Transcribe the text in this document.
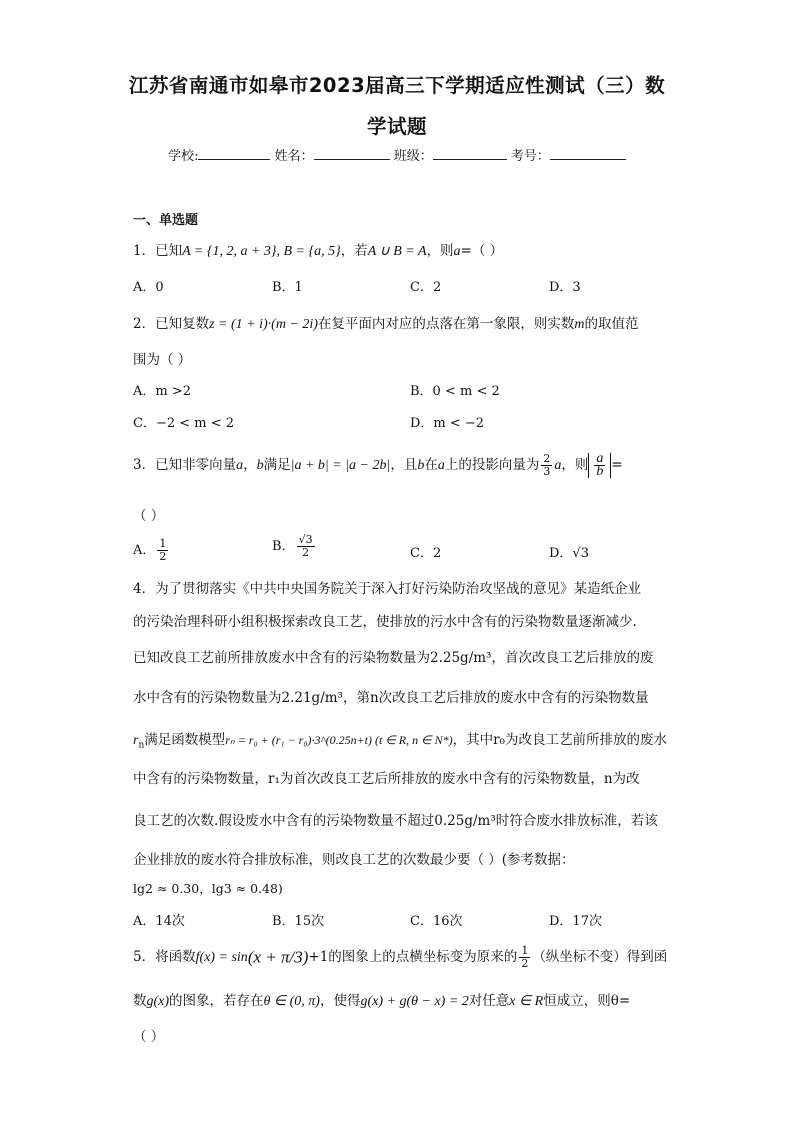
江苏省南通市如皋市2023届高三下学期适应性测试（三）数
学试题
学校:	姓名：	班级：	考号：
一、单选题
1．已知A = {1, 2, a + 3}, B = {a, 5}，若A ∪ B = A，则a=（ ）
A．0	B．1	C．2	D．3
2．已知复数z = (1 + i)·(m − 2i)在复平面内对应的点落在第一象限，则实数m的取值范
围为（ ）
A．m >2	B．0 < m < 2
C．−2 < m < 2	D．m < −2
3．已知非零向量a，b满足|a + b| = |a − 2b|，且b在a上的投影向量为 $\frac{2}{3}$ a，则 $\frac{a}{b}$ =
（ ）
A． $\frac{1}{2}$	B． $\frac{√3}{2}$	C．2	D．√3
4．为了贯彻落实《中共中央国务院关于深入打好污染防治攻坚战的意见》某造纸企业
的污染治理科研小组积极探索改良工艺，使排放的污水中含有的污染物数量逐渐减少.
已知改良工艺前所排放废水中含有的污染物数量为2.25g/m³，首次改良工艺后排放的废
水中含有的污染物数量为2.21g/m³，第n次改良工艺后排放的废水中含有的污染物数量
$r_n$满足函数模型rₙ = r₀ + (r₁ − r₀)·3^(0.25n+t) (t ∈ R, n ∈ N*)，其中r₀为改良工艺前所排放的废水
中含有的污染物数量，r₁为首次改良工艺后所排放的废水中含有的污染物数量，n为改
良工艺的次数.假设废水中含有的污染物数量不超过0.25g/m³时符合废水排放标准，若该
企业排放的废水符合排放标准，则改良工艺的次数最少要（ ）(参考数据：
lg2 ≈ 0.30，lg3 ≈ 0.48)
A．14次	B．15次	C．16次	D．17次
5．将函数f(x) = sin(x + π/3)+1的图象上的点横坐标变为原来的 $\frac{1}{2}$ （纵坐标不变）得到函
数g(x)的图象，若存在θ ∈ (0, π)，使得g(x) + g(θ − x) = 2对任意x ∈ R恒成立，则θ=
（ ）
